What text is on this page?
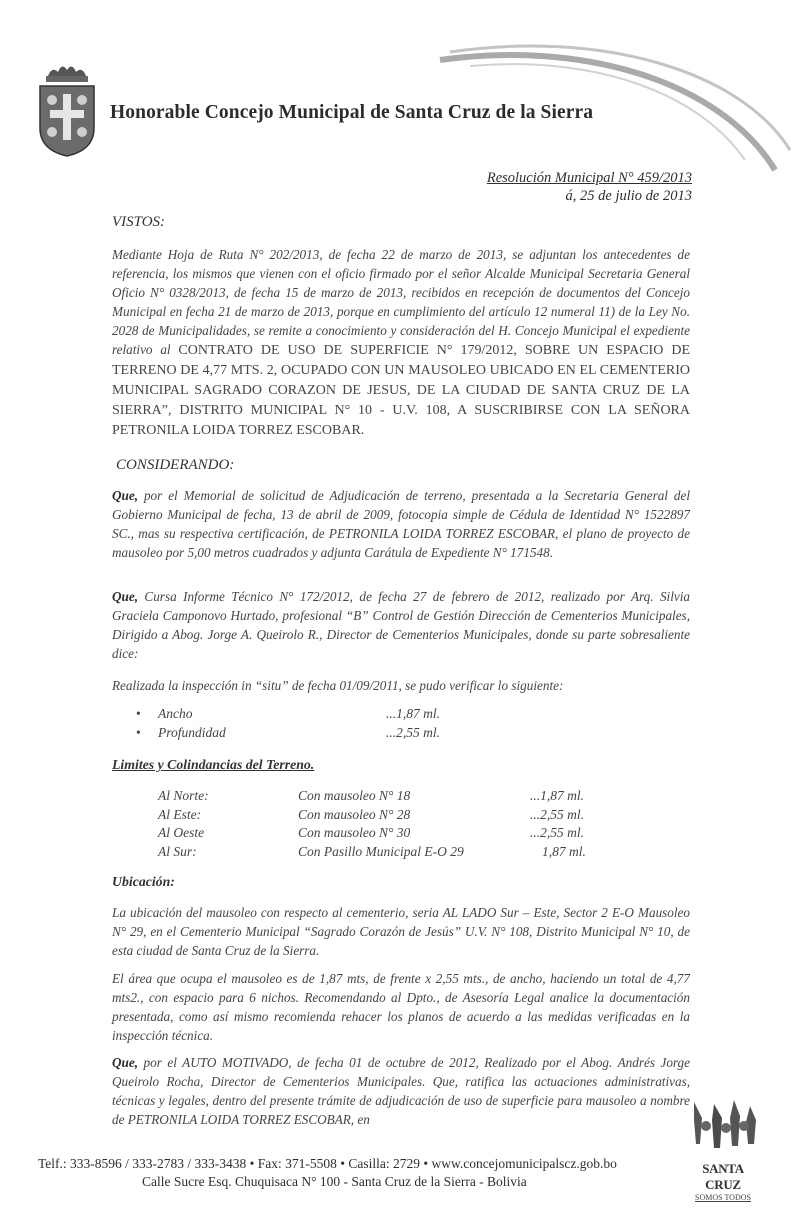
Honorable Concejo Municipal de Santa Cruz de la Sierra
Resolución Municipal N° 459/2013
á, 25 de julio de 2013
VISTOS:
Mediante Hoja de Ruta N° 202/2013, de fecha 22 de marzo de 2013, se adjuntan los antecedentes de referencia, los mismos que vienen con el oficio firmado por el señor Alcalde Municipal Secretaria General Oficio N° 0328/2013, de fecha 15 de marzo de 2013, recibidos en recepción de documentos del Concejo Municipal en fecha 21 de marzo de 2013, porque en cumplimiento del artículo 12 numeral 11) de la Ley No. 2028 de Municipalidades, se remite a conocimiento y consideración del H. Concejo Municipal el expediente relativo al CONTRATO DE USO DE SUPERFICIE N° 179/2012, SOBRE UN ESPACIO DE TERRENO DE 4,77 MTS. 2, OCUPADO CON UN MAUSOLEO UBICADO EN EL CEMENTERIO MUNICIPAL SAGRADO CORAZON DE JESUS, DE LA CIUDAD DE SANTA CRUZ DE LA SIERRA”, DISTRITO MUNICIPAL N° 10 - U.V. 108, A SUSCRIBIRSE CON LA SEÑORA PETRONILA LOIDA TORREZ ESCOBAR.
CONSIDERANDO:
Que, por el Memorial de solicitud de Adjudicación de terreno, presentada a la Secretaria General del Gobierno Municipal de fecha, 13 de abril de 2009, fotocopia simple de Cédula de Identidad N° 1522897 SC., mas su respectiva certificación, de PETRONILA LOIDA TORREZ ESCOBAR, el plano de proyecto de mausoleo por 5,00 metros cuadrados y adjunta Carátula de Expediente N° 171548.
Que, Cursa Informe Técnico N° 172/2012, de fecha 27 de febrero de 2012, realizado por Arq. Silvia Graciela Camponovo Hurtado, profesional “B” Control de Gestión Dirección de Cementerios Municipales, Dirigido a Abog. Jorge A. Queirolo R., Director de Cementerios Municipales, donde su parte sobresaliente dice:
Realizada la inspección in “situ” de fecha 01/09/2011, se pudo verificar lo siguiente:
• Ancho	...1,87 ml.
• Profundidad	...2,55 ml.
Limites y Colindancias del Terreno.
Al Norte:	Con mausoleo N° 18	...1,87 ml.
Al Este:	Con mausoleo N° 28	...2,55 ml.
Al Oeste	Con mausoleo N° 30	...2,55 ml.
Al Sur:	Con Pasillo Municipal E-O 29	1,87 ml.
Ubicación:
La ubicación del mausoleo con respecto al cementerio, seria AL LADO Sur – Este, Sector 2 E-O Mausoleo N° 29, en el Cementerio Municipal “Sagrado Corazón de Jesús” U.V. N° 108, Distrito Municipal N° 10, de esta ciudad de Santa Cruz de la Sierra.
El área que ocupa el mausoleo es de 1,87 mts, de frente x 2,55 mts., de ancho, haciendo un total de 4,77 mts2., con espacio para 6 nichos. Recomendando al Dpto., de Asesoría Legal analice la documentación presentada, como así mismo recomienda rehacer los planos de acuerdo a las medidas verificadas en la inspección técnica.
Que, por el AUTO MOTIVADO, de fecha 01 de octubre de 2012, Realizado por el Abog. Andrés Jorge Queirolo Rocha, Director de Cementerios Municipales. Que, ratifica las actuaciones administrativas, técnicas y legales, dentro del presente trámite de adjudicación de uso de superficie para mausoleo a nombre de PETRONILA LOIDA TORREZ ESCOBAR, en
Telf.: 333-8596 / 333-2783 / 333-3438 • Fax: 371-5508 • Casilla: 2729 • www.concejomunicipalscz.gob.bo
Calle Sucre Esq. Chuquisaca N° 100 - Santa Cruz de la Sierra - Bolivia
SANTA CRUZ
SOMOS TODOS
